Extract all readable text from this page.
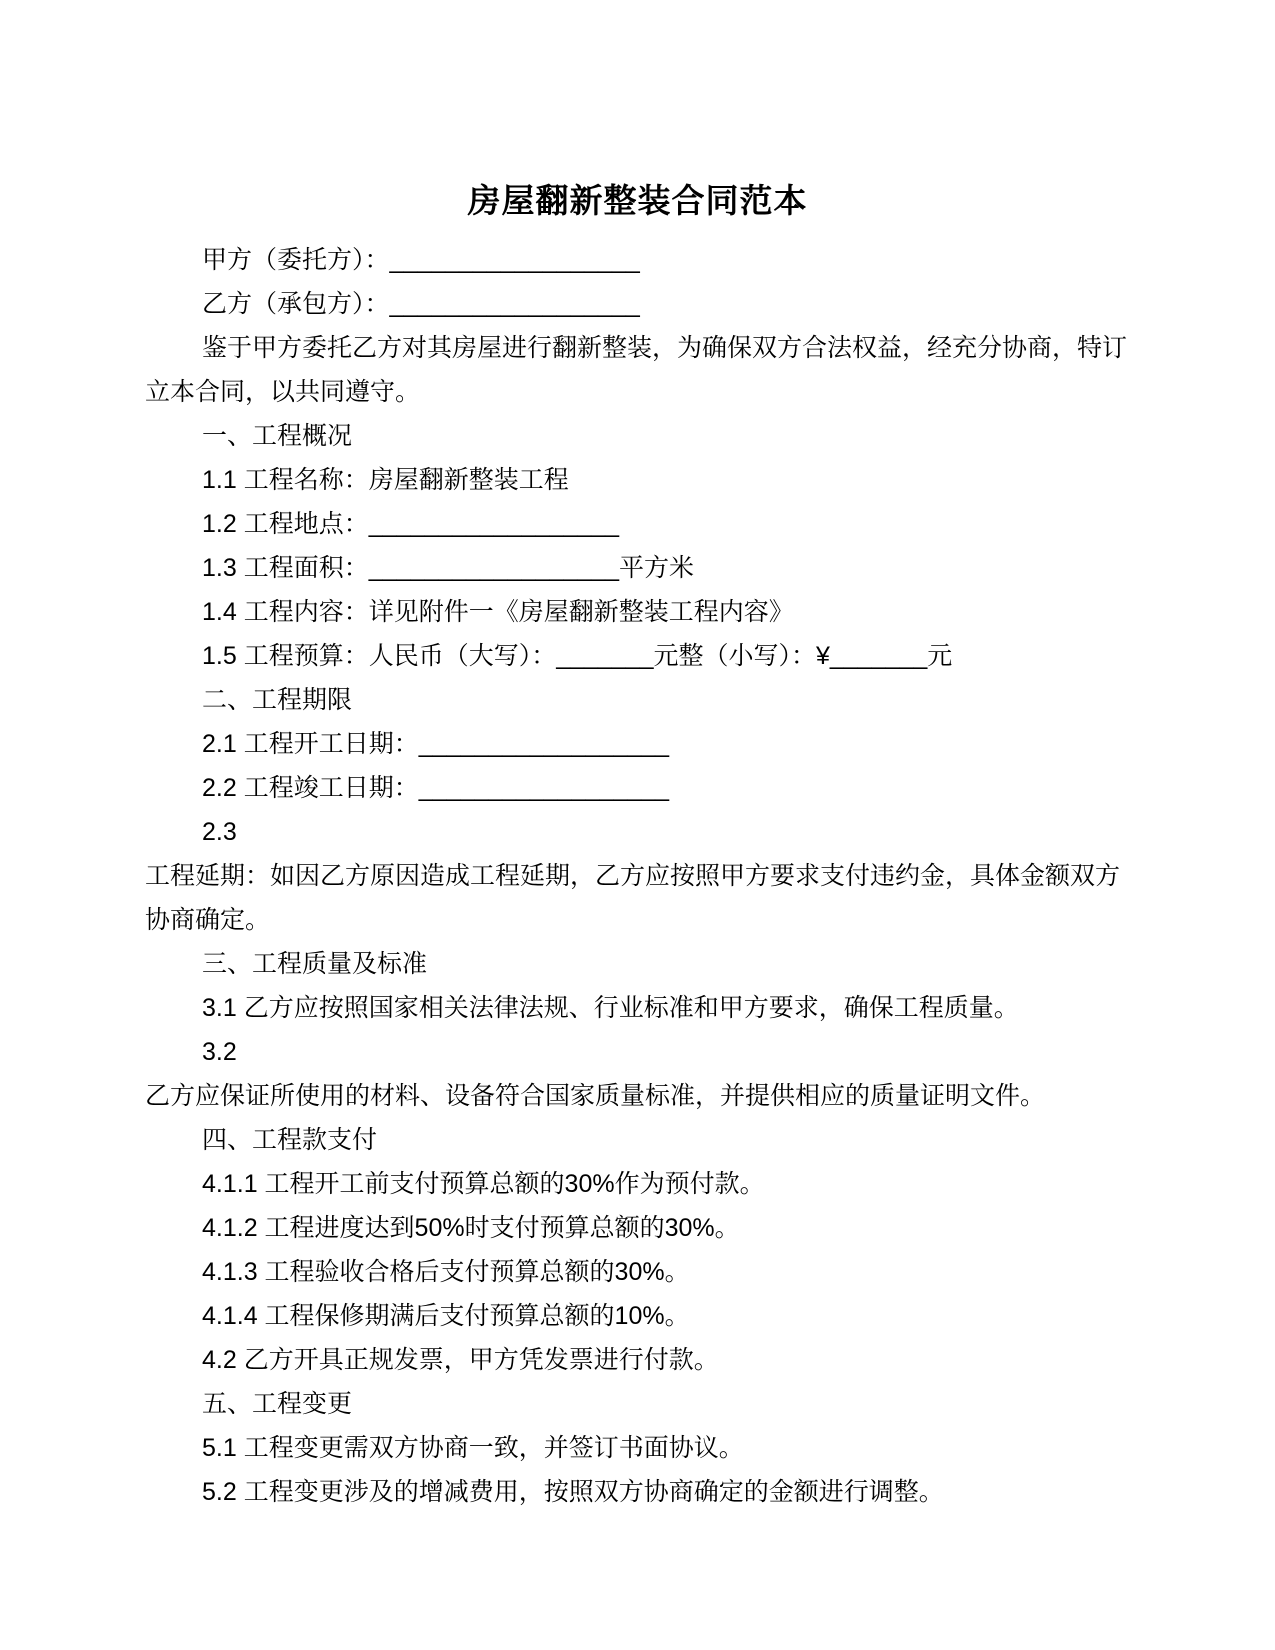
房屋翻新整装合同范本
甲方（委托方）：__________________
乙方（承包方）：__________________
鉴于甲方委托乙方对其房屋进行翻新整装，为确保双方合法权益，经充分协商，特订
立本合同，以共同遵守。
一、工程概况
1.1 工程名称：房屋翻新整装工程
1.2 工程地点：__________________
1.3 工程面积：__________________平方米
1.4 工程内容：详见附件一《房屋翻新整装工程内容》
1.5 工程预算：人民币（大写）：_______元整（小写）：¥_______元
二、工程期限
2.1 工程开工日期：__________________
2.2 工程竣工日期：__________________
2.3
工程延期：如因乙方原因造成工程延期，乙方应按照甲方要求支付违约金，具体金额双方
协商确定。
三、工程质量及标准
3.1 乙方应按照国家相关法律法规、行业标准和甲方要求，确保工程质量。
3.2
乙方应保证所使用的材料、设备符合国家质量标准，并提供相应的质量证明文件。
四、工程款支付
4.1.1 工程开工前支付预算总额的30%作为预付款。
4.1.2 工程进度达到50%时支付预算总额的30%。
4.1.3 工程验收合格后支付预算总额的30%。
4.1.4 工程保修期满后支付预算总额的10%。
4.2 乙方开具正规发票，甲方凭发票进行付款。
五、工程变更
5.1 工程变更需双方协商一致，并签订书面协议。
5.2 工程变更涉及的增减费用，按照双方协商确定的金额进行调整。
